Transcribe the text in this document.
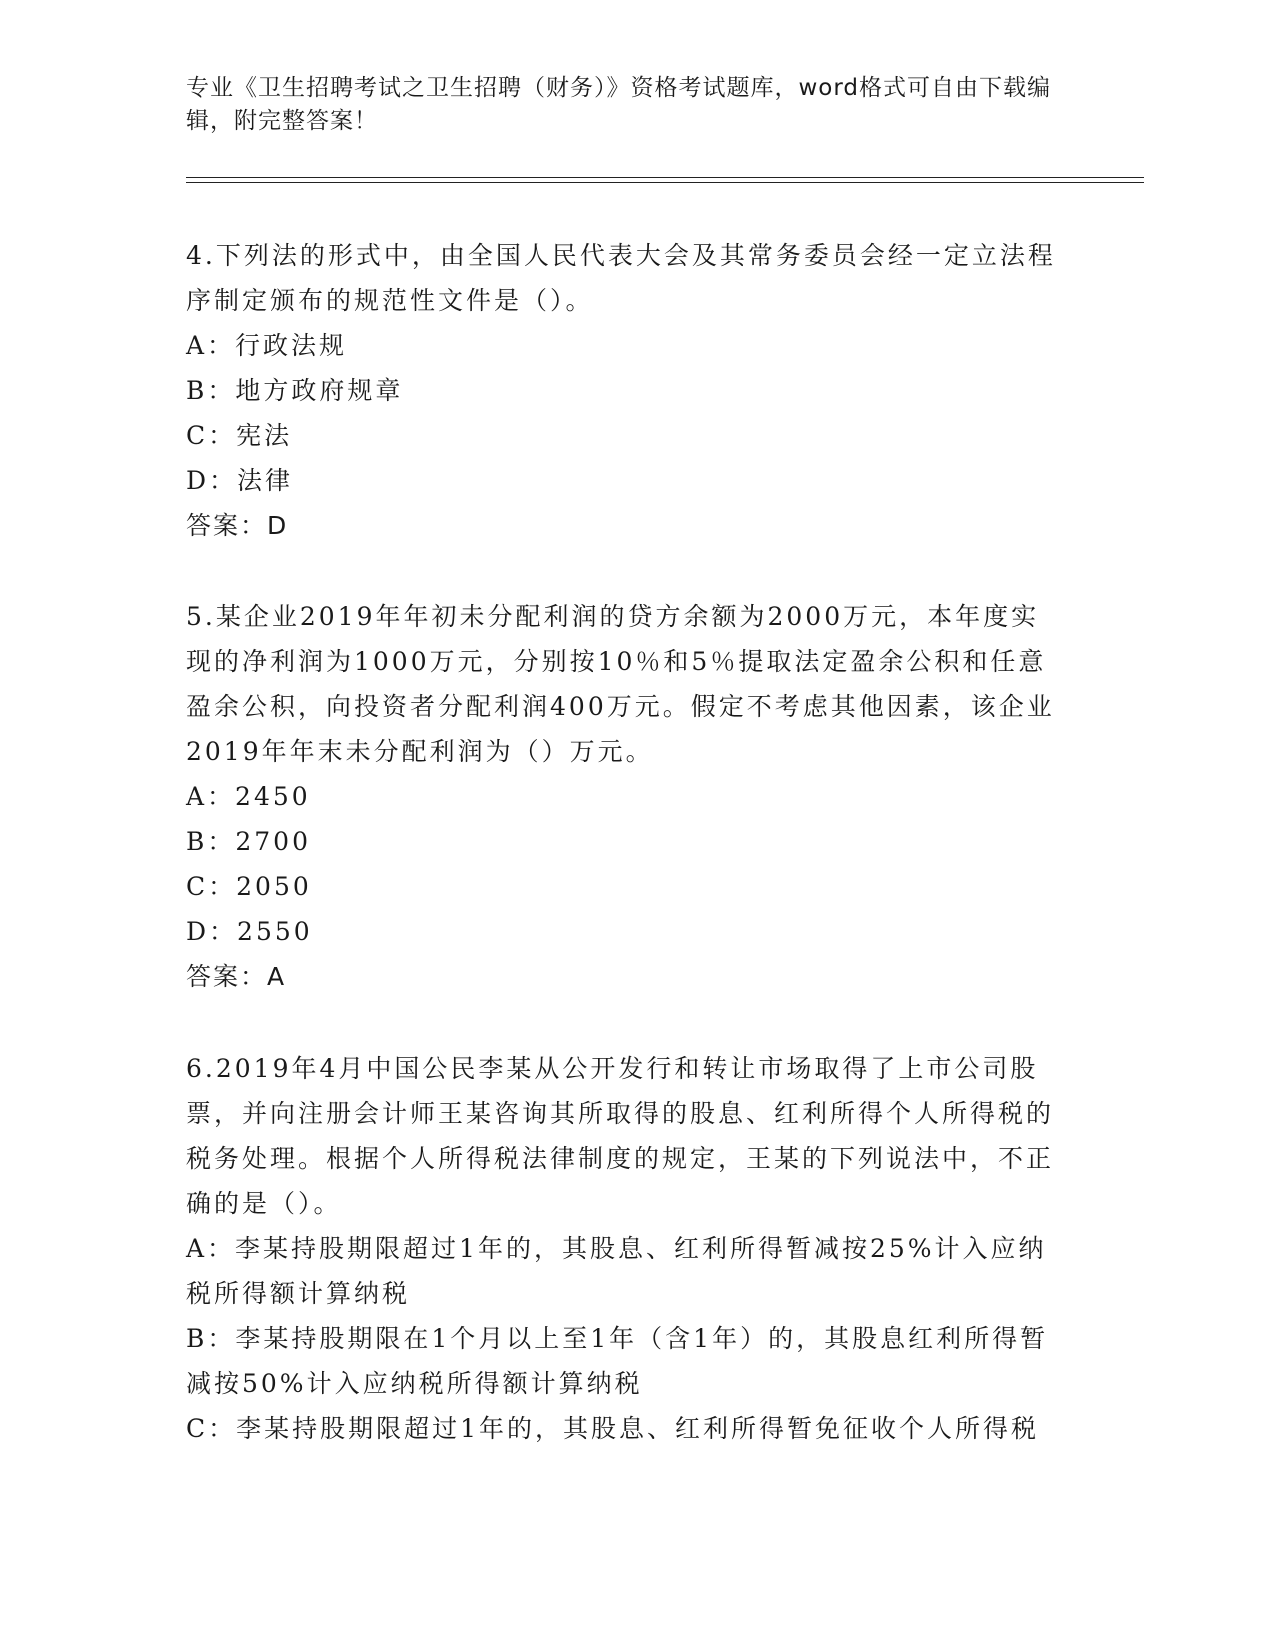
专业《卫生招聘考试之卫生招聘（财务）》资格考试题库，word格式可自由下载编辑，附完整答案！

4.下列法的形式中，由全国人民代表大会及其常务委员会经一定立法程序制定颁布的规范性文件是（）。

A：行政法规

B：地方政府规章

C：宪法

D：法律

答案：D

5.某企业2019年年初未分配利润的贷方余额为2000万元，本年度实现的净利润为1000万元，分别按10％和5％提取法定盈余公积和任意盈余公积，向投资者分配利润400万元。假定不考虑其他因素，该企业2019年年末未分配利润为（）万元。

A：2450

B：2700

C：2050

D：2550

答案：A

6.2019年4月中国公民李某从公开发行和转让市场取得了上市公司股票，并向注册会计师王某咨询其所取得的股息、红利所得个人所得税的税务处理。根据个人所得税法律制度的规定，王某的下列说法中，不正确的是（）。

A：李某持股期限超过1年的，其股息、红利所得暂减按25%计入应纳税所得额计算纳税

B：李某持股期限在1个月以上至1年（含1年）的，其股息红利所得暂减按50%计入应纳税所得额计算纳税

C：李某持股期限超过1年的，其股息、红利所得暂免征收个人所得税
